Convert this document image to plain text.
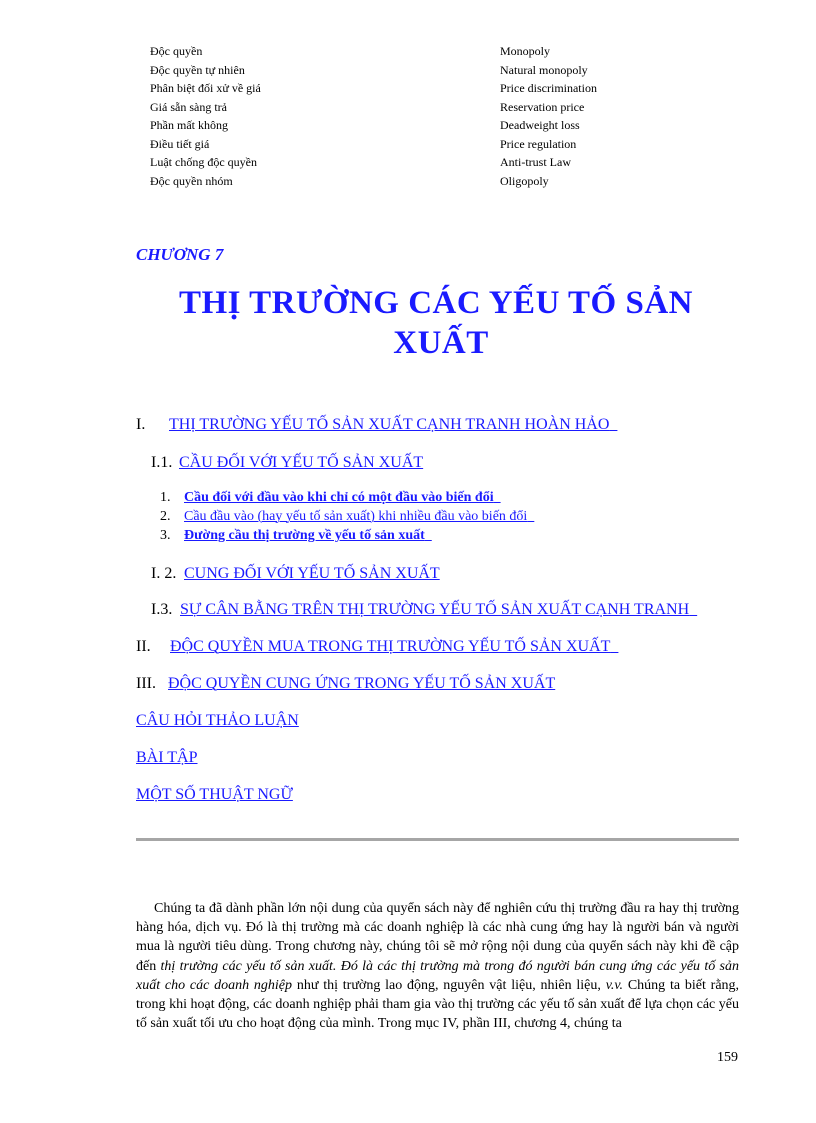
Độc quyền	Monopoly
Độc quyền tự nhiên	Natural monopoly
Phân biệt đối xử về giá	Price discrimination
Giá sẵn sàng trả	Reservation price
Phần mất không	Deadweight loss
Điều tiết giá	Price regulation
Luật chống độc quyền	Anti-trust Law
Độc quyền nhóm	Oligopoly
CHƯƠNG 7
THỊ TRƯỜNG CÁC YẾU TỐ SẢN
XUẤT
I. THỊ TRƯỜNG YẾU TỐ SẢN XUẤT CẠNH TRANH HOÀN HẢO
I.1. CẦU ĐỐI VỚI YẾU TỐ SẢN XUẤT
1. Cầu đối với đầu vào khi chỉ có một đầu vào biến đổi
2. Cầu đầu vào (hay yếu tố sản xuất) khi nhiều đầu vào biến đổi
3. Đường cầu thị trường về yếu tố sản xuất
I. 2. CUNG ĐỐI VỚI YẾU TỐ SẢN XUẤT
I.3. SỰ CÂN BẰNG TRÊN THỊ TRƯỜNG YẾU TỐ SẢN XUẤT CẠNH TRANH
II. ĐỘC QUYỀN MUA TRONG THỊ TRƯỜNG YẾU TỐ SẢN XUẤT
III. ĐỘC QUYỀN CUNG ỨNG TRONG YẾU TỐ SẢN XUẤT
CÂU HỎI THẢO LUẬN
BÀI TẬP
MỘT SỐ THUẬT NGỮ
Chúng ta đã dành phần lớn nội dung của quyển sách này để nghiên cứu thị trường đầu ra hay thị trường hàng hóa, dịch vụ. Đó là thị trường mà các doanh nghiệp là các nhà cung ứng hay là người bán và người mua là người tiêu dùng. Trong chương này, chúng tôi sẽ mở rộng nội dung của quyển sách này khi đề cập đến thị trường các yếu tố sản xuất. Đó là các thị trường mà trong đó người bán cung ứng các yếu tố sản xuất cho các doanh nghiệp như thị trường lao động, nguyên vật liệu, nhiên liệu, v.v. Chúng ta biết rằng, trong khi hoạt động, các doanh nghiệp phải tham gia vào thị trường các yếu tố sản xuất để lựa chọn các yếu tố sản xuất tối ưu cho hoạt động của mình. Trong mục IV, phần III, chương 4, chúng ta
159
